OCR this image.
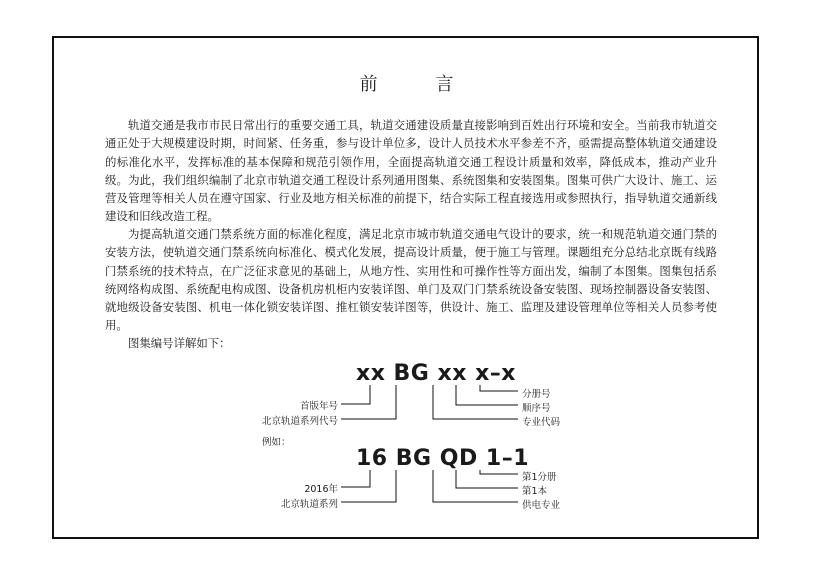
前 言

轨道交通是我市市民日常出行的重要交通工具，轨道交通建设质量直接影响到百姓出行环境和安全。当前我市轨道交通正处于大规模建设时期，时间紧、任务重，参与设计单位多，设计人员技术水平参差不齐，亟需提高整体轨道交通建设的标准化水平，发挥标准的基本保障和规范引领作用，全面提高轨道交通工程设计质量和效率，降低成本，推动产业升级。为此，我们组织编制了北京市轨道交通工程设计系列通用图集、系统图集和安装图集。图集可供广大设计、施工、运营及管理等相关人员在遵守国家、行业及地方相关标准的前提下，结合实际工程直接选用或参照执行，指导轨道交通新线建设和旧线改造工程。

为提高轨道交通门禁系统方面的标准化程度，满足北京市城市轨道交通电气设计的要求，统一和规范轨道交通门禁的安装方法，使轨道交通门禁系统向标准化、模式化发展，提高设计质量，便于施工与管理。课题组充分总结北京既有线路门禁系统的技术特点，在广泛征求意见的基础上，从地方性、实用性和可操作性等方面出发，编制了本图集。图集包括系统网络构成图、系统配电构成图、设备机房机柜内安装详图、单门及双门门禁系统设备安装图、现场控制器设备安装图、就地级设备安装图、机电一体化锁安装详图、推杠锁安装详图等，供设计、施工、监理及建设管理单位等相关人员参考使用。

图集编号详解如下：

xx BG xx x–x
首版年号
北京轨道系列代号
分册号
顺序号
专业代码
例如：
16 BG QD 1–1
2016年
北京轨道系列
第1分册
第1本
供电专业
